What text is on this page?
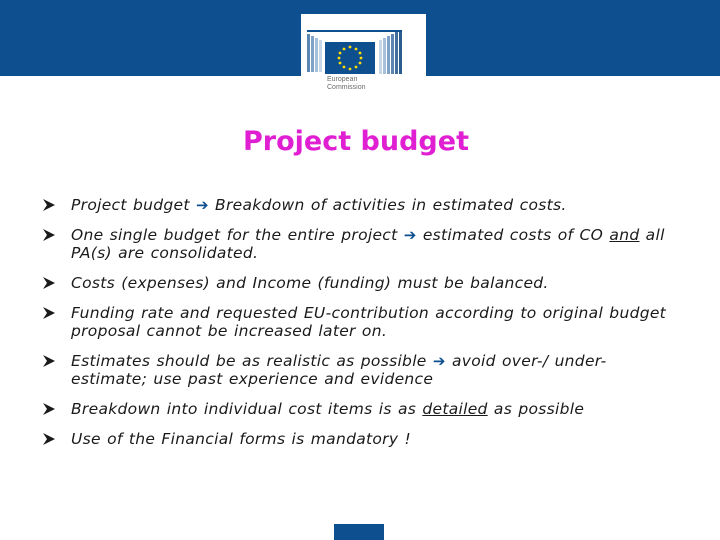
European
Commission
Project budget
Project budget ➔ Breakdown of activities in estimated costs.
One single budget for the entire project ➔ estimated costs of CO and all PA(s) are consolidated.
Costs (expenses) and Income (funding) must be balanced.
Funding rate and requested EU-contribution according to original budget proposal cannot be increased later on.
Estimates should be as realistic as possible ➔ avoid over-/ under-estimate; use past experience and evidence
Breakdown into individual cost items is as detailed as possible
Use of the Financial forms is mandatory !
